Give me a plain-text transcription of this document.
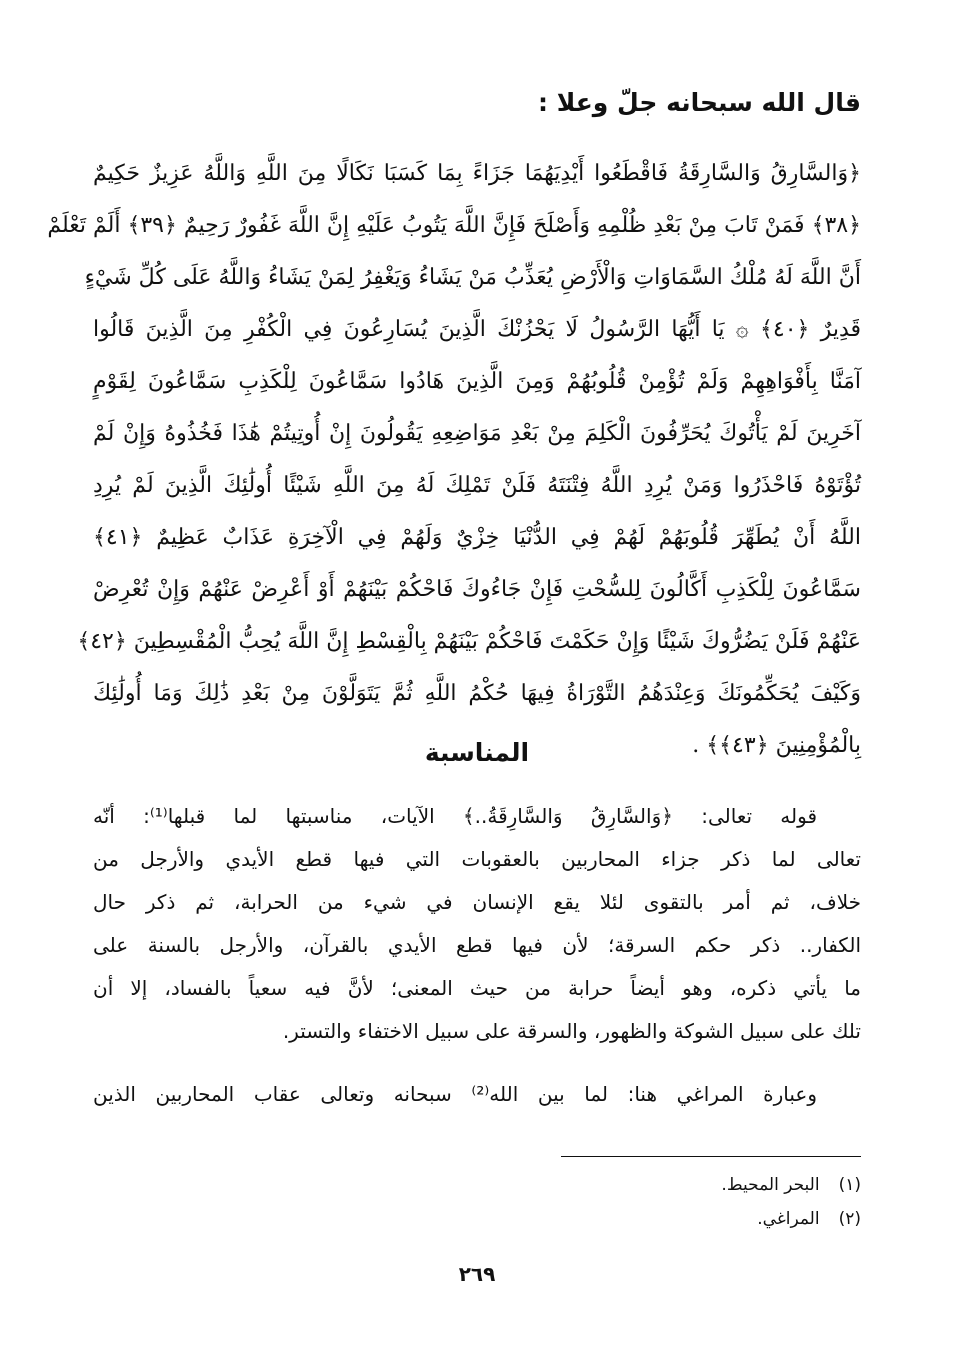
قال الله سبحانه جلّ وعلا :
﴿وَالسَّارِقُ وَالسَّارِقَةُ فَاقْطَعُوا أَيْدِيَهُمَا جَزَاءً بِمَا كَسَبَا نَكَالًا مِنَ اللَّهِ وَاللَّهُ عَزِيزٌ حَكِيمٌ
﴿٣٨﴾ فَمَنْ تَابَ مِنْ بَعْدِ ظُلْمِهِ وَأَصْلَحَ فَإِنَّ اللَّهَ يَتُوبُ عَلَيْهِ إِنَّ اللَّهَ غَفُورٌ رَحِيمٌ ﴿٣٩﴾ أَلَمْ تَعْلَمْ
أَنَّ اللَّهَ لَهُ مُلْكُ السَّمَاوَاتِ وَالْأَرْضِ يُعَذِّبُ مَنْ يَشَاءُ وَيَغْفِرُ لِمَنْ يَشَاءُ وَاللَّهُ عَلَى كُلِّ شَيْءٍ
قَدِيرٌ ﴿٤٠﴾ ۞ يَا أَيُّهَا الرَّسُولُ لَا يَحْزُنْكَ الَّذِينَ يُسَارِعُونَ فِي الْكُفْرِ مِنَ الَّذِينَ قَالُوا
آمَنَّا بِأَفْوَاهِهِمْ وَلَمْ تُؤْمِنْ قُلُوبُهُمْ وَمِنَ الَّذِينَ هَادُوا سَمَّاعُونَ لِلْكَذِبِ سَمَّاعُونَ لِقَوْمٍ
آخَرِينَ لَمْ يَأْتُوكَ يُحَرِّفُونَ الْكَلِمَ مِنْ بَعْدِ مَوَاضِعِهِ يَقُولُونَ إِنْ أُوتِيتُمْ هَٰذَا فَخُذُوهُ وَإِنْ لَمْ
تُؤْتَوْهُ فَاحْذَرُوا وَمَنْ يُرِدِ اللَّهُ فِتْنَتَهُ فَلَنْ تَمْلِكَ لَهُ مِنَ اللَّهِ شَيْئًا أُولَٰئِكَ الَّذِينَ لَمْ يُرِدِ
اللَّهُ أَنْ يُطَهِّرَ قُلُوبَهُمْ لَهُمْ فِي الدُّنْيَا خِزْيٌ وَلَهُمْ فِي الْآخِرَةِ عَذَابٌ عَظِيمٌ ﴿٤١﴾
سَمَّاعُونَ لِلْكَذِبِ أَكَّالُونَ لِلسُّحْتِ فَإِنْ جَاءُوكَ فَاحْكُمْ بَيْنَهُمْ أَوْ أَعْرِضْ عَنْهُمْ وَإِنْ تُعْرِضْ
عَنْهُمْ فَلَنْ يَضُرُّوكَ شَيْئًا وَإِنْ حَكَمْتَ فَاحْكُمْ بَيْنَهُمْ بِالْقِسْطِ إِنَّ اللَّهَ يُحِبُّ الْمُقْسِطِينَ ﴿٤٢﴾
وَكَيْفَ يُحَكِّمُونَكَ وَعِنْدَهُمُ التَّوْرَاةُ فِيهَا حُكْمُ اللَّهِ ثُمَّ يَتَوَلَّوْنَ مِنْ بَعْدِ ذَٰلِكَ وَمَا أُولَٰئِكَ
بِالْمُؤْمِنِينَ ﴿٤٣﴾﴾ .
المناسبة
قوله تعالى: ﴿وَالسَّارِقُ وَالسَّارِقَةُ..﴾ الآيات، مناسبتها لما قبلها⁽¹⁾: أنّه
تعالى لما ذكر جزاء المحاربين بالعقوبات التي فيها قطع الأيدي والأرجل من
خلاف، ثم أمر بالتقوى لئلا يقع الإنسان في شيء من الحرابة، ثم ذكر حال
الكفار.. ذكر حكم السرقة؛ لأن فيها قطع الأيدي بالقرآن، والأرجل بالسنة على
ما يأتي ذكره، وهو أيضاً حرابة من حيث المعنى؛ لأنَّ فيه سعياً بالفساد، إلا أن
تلك على سبيل الشوكة والظهور، والسرقة على سبيل الاختفاء والتستر.
وعبارة المراغي هنا: لما بين الله⁽²⁾ سبحانه وتعالى عقاب المحاربين الذين
(١) البحر المحيط.
(٢) المراغي.
٢٦٩
